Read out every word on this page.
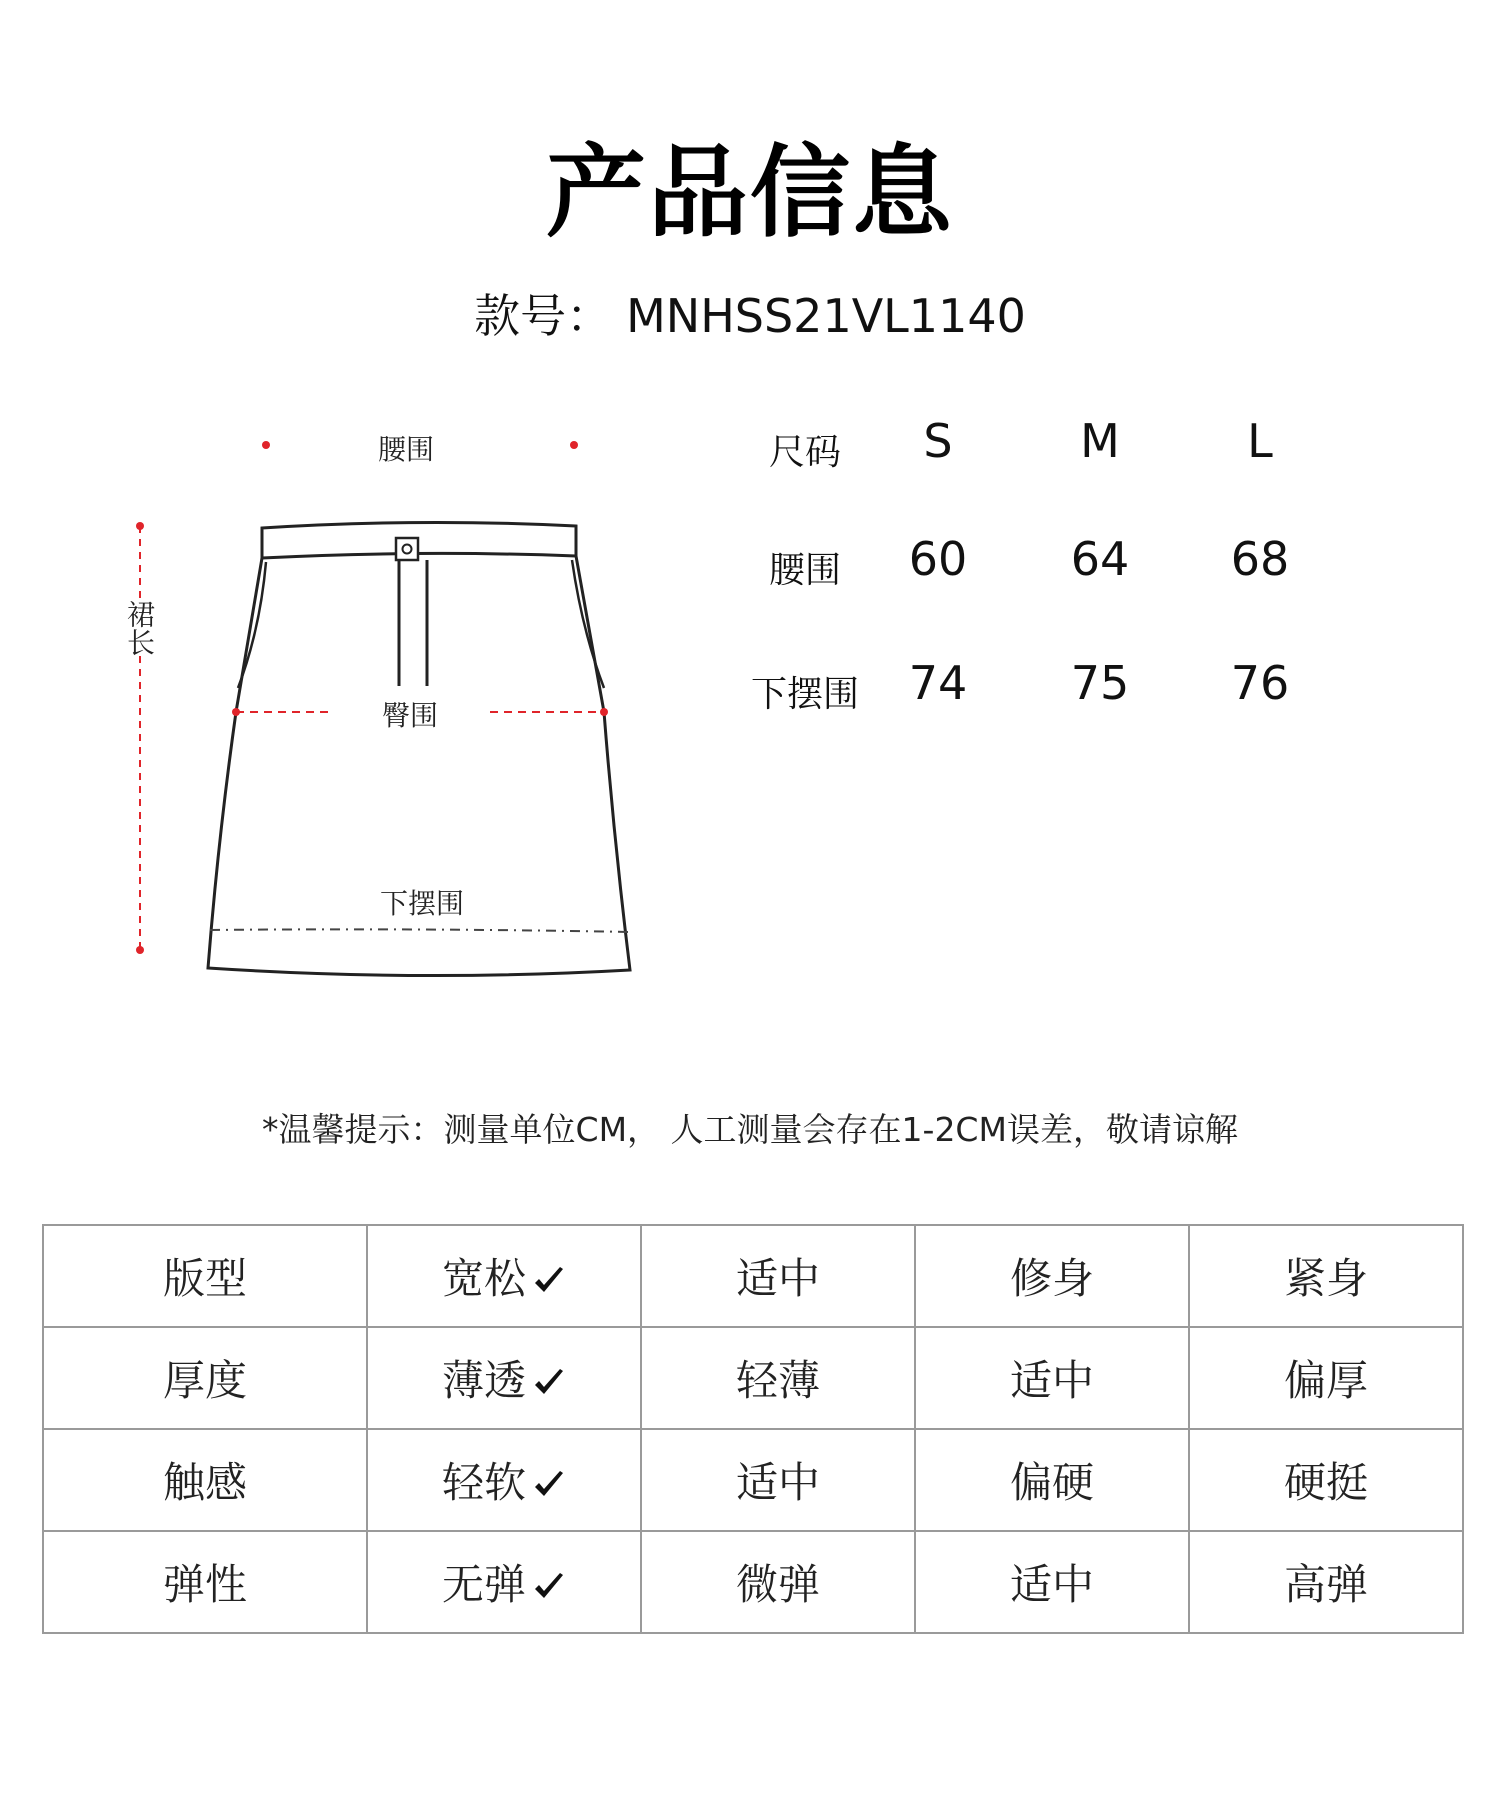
产品信息
款号： MNHSS21VL1140
腰围
裙长
臀围
下摆围
尺码	S	M	L
腰围	60	64	68
下摆围	74	75	76
*温馨提示：测量单位CM， 人工测量会存在1-2CM误差，敬请谅解
版型	宽松	适中	修身	紧身
厚度	薄透	轻薄	适中	偏厚
触感	轻软	适中	偏硬	硬挺
弹性	无弹	微弹	适中	高弹
